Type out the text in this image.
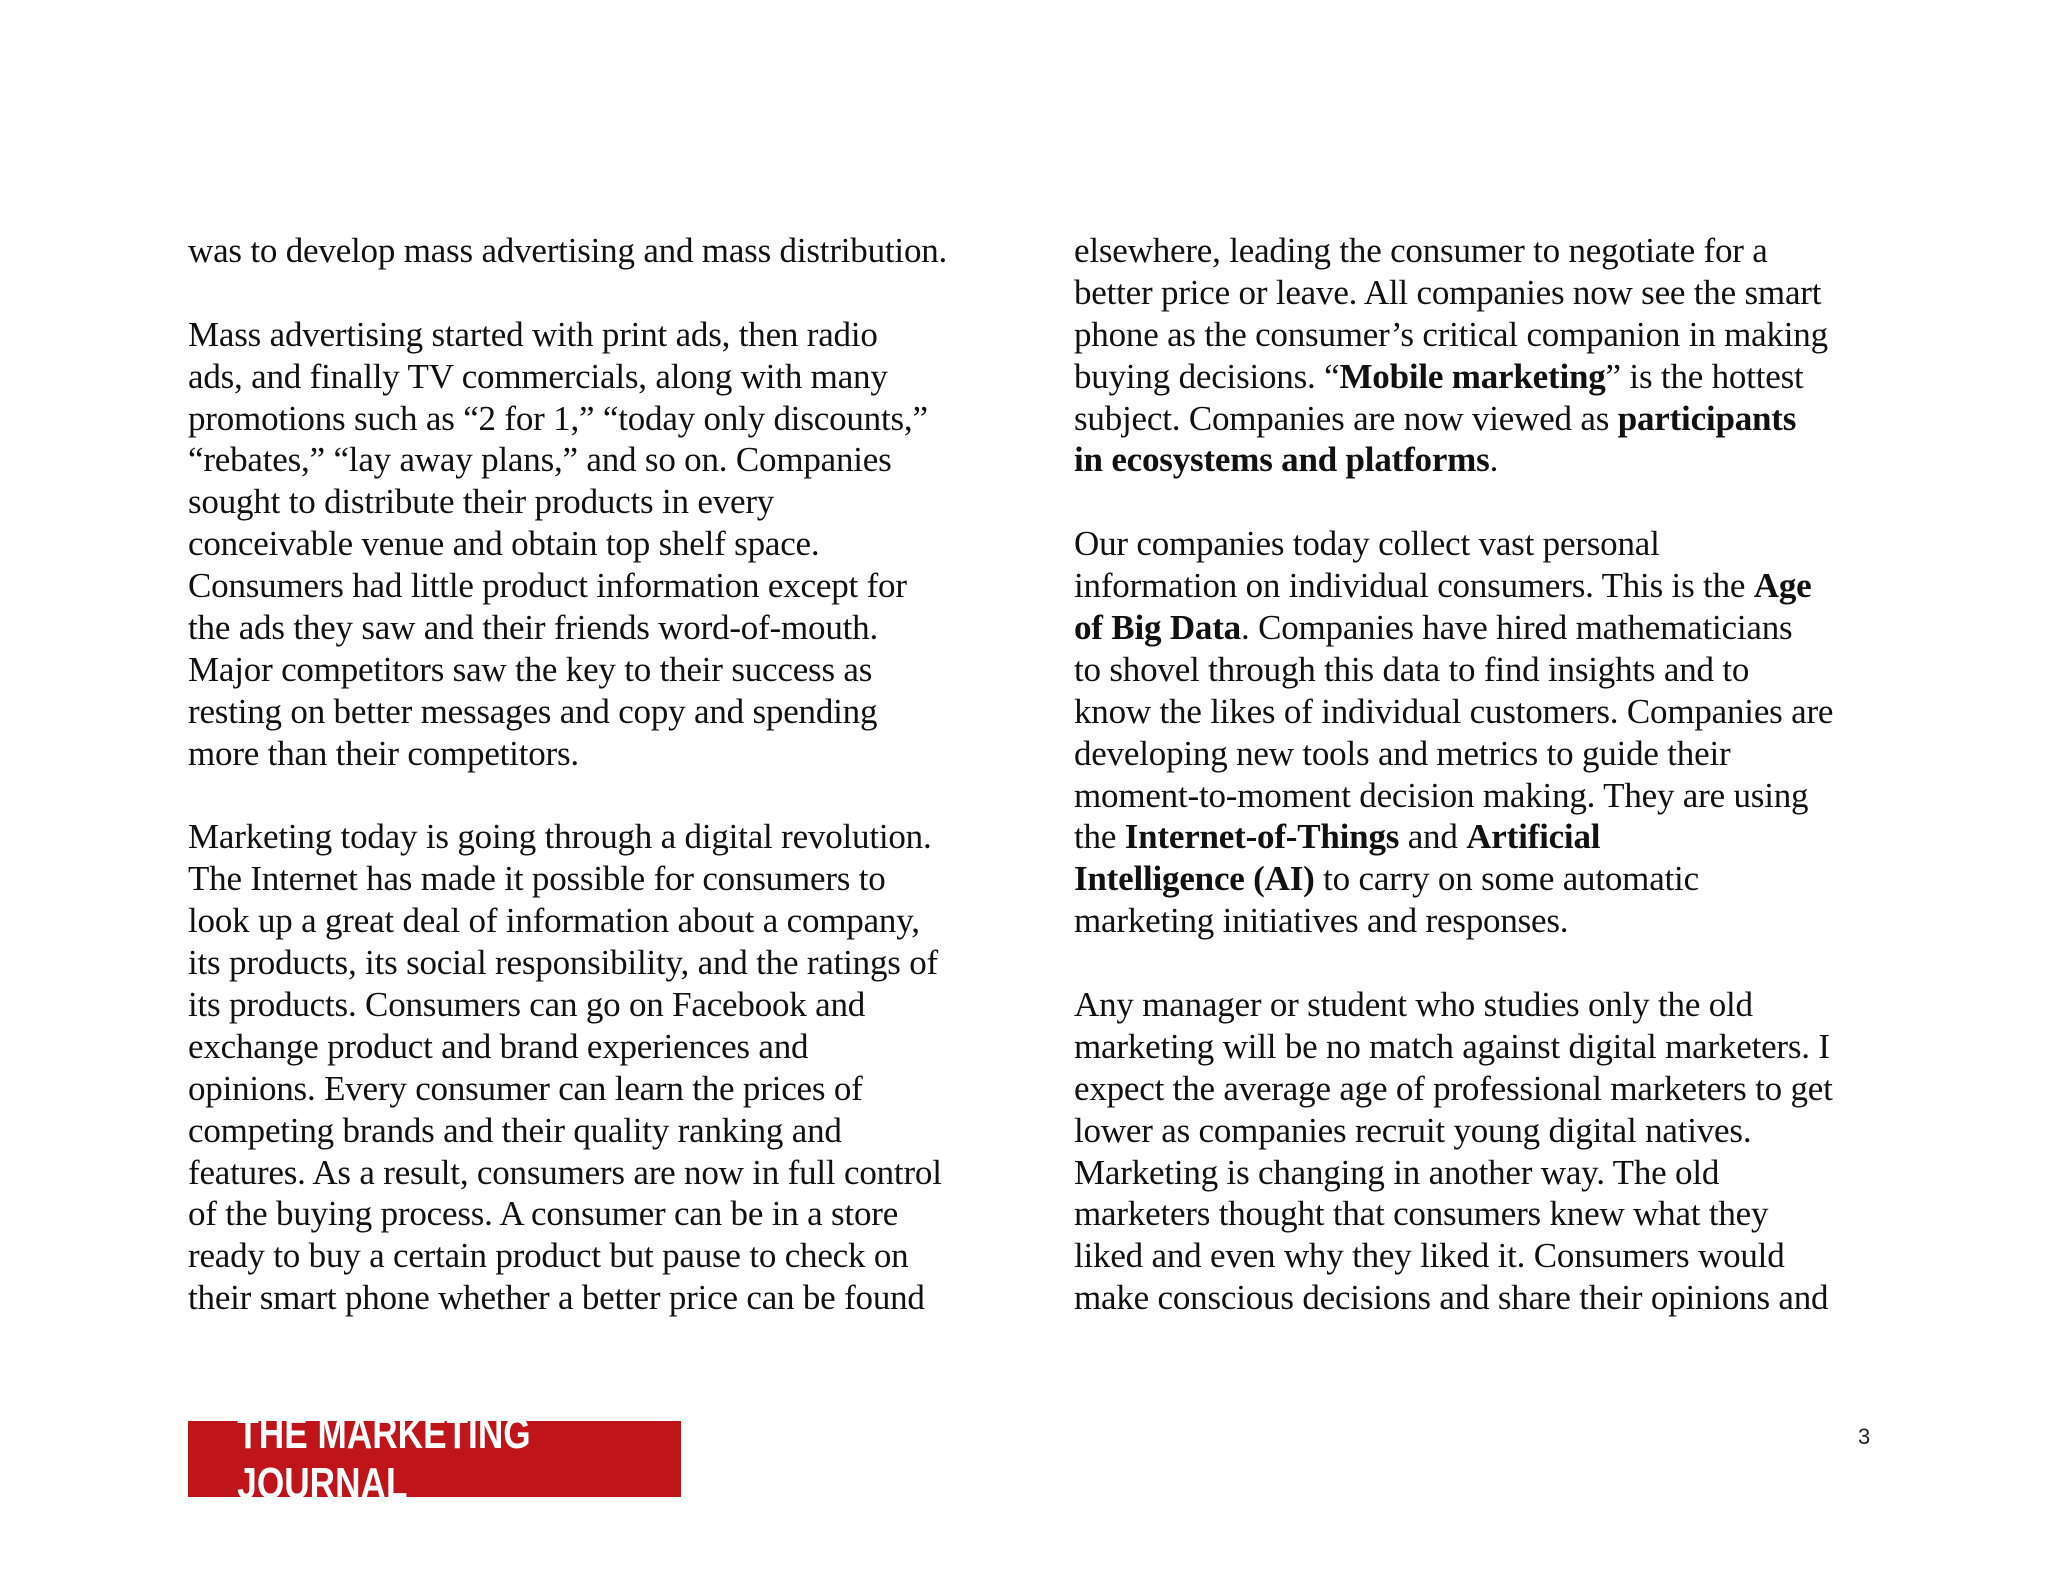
was to develop mass advertising and mass distribution.
Mass advertising started with print ads, then radio
ads, and finally TV commercials, along with many
promotions such as “2 for 1,” “today only discounts,”
“rebates,” “lay away plans,” and so on. Companies
sought to distribute their products in every
conceivable venue and obtain top shelf space.
Consumers had little product information except for
the ads they saw and their friends word-of-mouth.
Major competitors saw the key to their success as
resting on better messages and copy and spending
more than their competitors.
Marketing today is going through a digital revolution.
The Internet has made it possible for consumers to
look up a great deal of information about a company,
its products, its social responsibility, and the ratings of
its products. Consumers can go on Facebook and
exchange product and brand experiences and
opinions. Every consumer can learn the prices of
competing brands and their quality ranking and
features. As a result, consumers are now in full control
of the buying process. A consumer can be in a store
ready to buy a certain product but pause to check on
their smart phone whether a better price can be found
elsewhere, leading the consumer to negotiate for a
better price or leave. All companies now see the smart
phone as the consumer’s critical companion in making
buying decisions. “Mobile marketing” is the hottest
subject. Companies are now viewed as participants
in ecosystems and platforms.
Our companies today collect vast personal
information on individual consumers. This is the Age
of Big Data. Companies have hired mathematicians
to shovel through this data to find insights and to
know the likes of individual customers. Companies are
developing new tools and metrics to guide their
moment-to-moment decision making. They are using
the Internet-of-Things and Artificial
Intelligence (AI) to carry on some automatic
marketing initiatives and responses.
Any manager or student who studies only the old
marketing will be no match against digital marketers. I
expect the average age of professional marketers to get
lower as companies recruit young digital natives.
Marketing is changing in another way. The old
marketers thought that consumers knew what they
liked and even why they liked it. Consumers would
make conscious decisions and share their opinions and
THE MARKETING JOURNAL
3
